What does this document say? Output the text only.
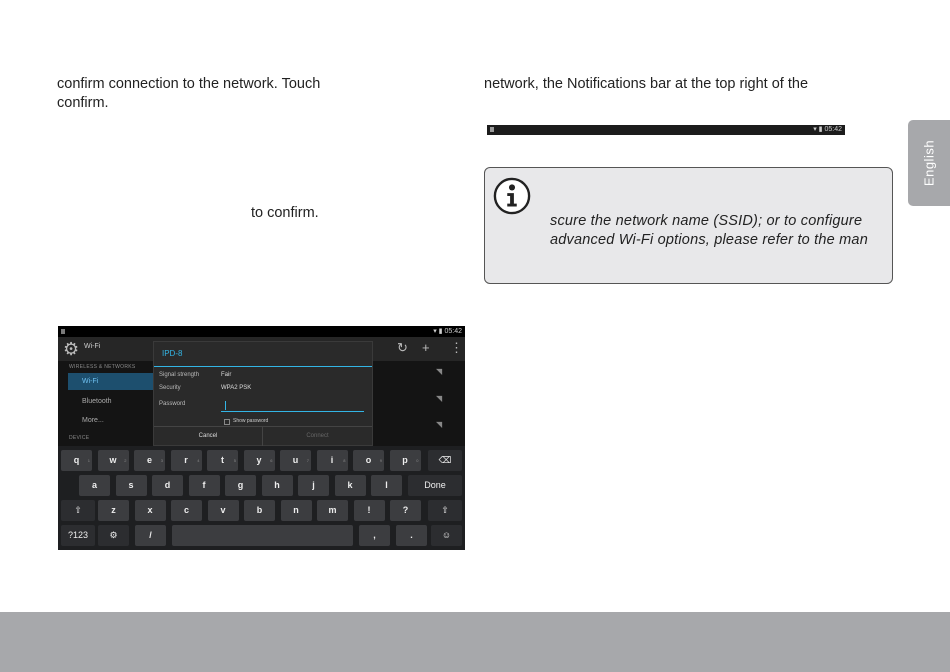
confirm connection to the network. Touch
confirm.
to confirm.
network, the Notifications bar at the top right of the
▾ ▮ 05:42
scure the network name (SSID); or to configure
advanced Wi-Fi options, please refer to the man
English
▾ ▮ 05:42
⚙ Wi-Fi	↻ + ⋮
WIRELESS & NETWORKS
Wi-Fi
Bluetooth
More...
DEVICE
◥
◥
◥
IPD-8
Signal strength	Fair
Security	WPA2 PSK
Password
Show password
Cancel	Connect
q 1	w 2	e 3	r 4	t 5	y 6	u 7	i	8	o 9	p 0	⌫
a	s	d	f	g	h	j	k	l	Done
⇧	z	x	c	v	b	n	m	!	?	⇧
?123	⚙	/	,	.	☺
